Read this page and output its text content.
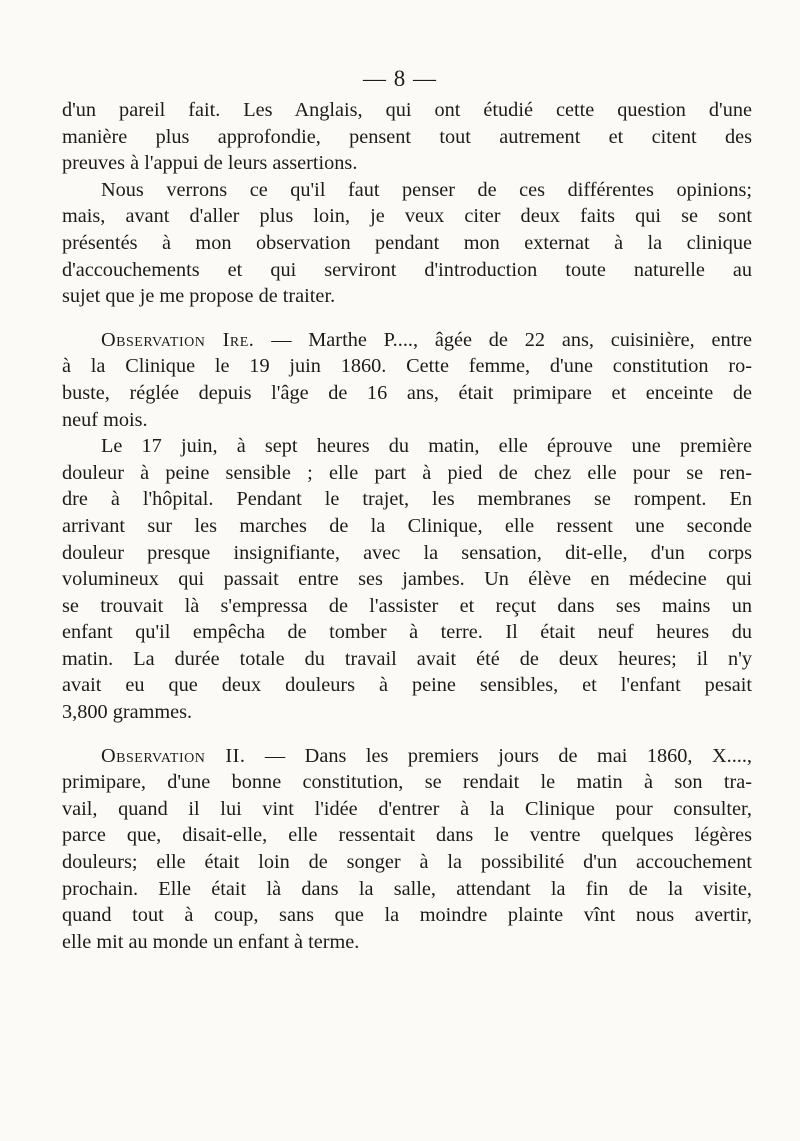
— 8 —
d'un pareil fait. Les Anglais, qui ont étudié cette question d'une
manière plus approfondie, pensent tout autrement et citent des
preuves à l'appui de leurs assertions.
Nous verrons ce qu'il faut penser de ces différentes opinions;
mais, avant d'aller plus loin, je veux citer deux faits qui se sont
présentés à mon observation pendant mon externat à la clinique
d'accouchements et qui serviront d'introduction toute naturelle au
sujet que je me propose de traiter.
Observation Ire. — Marthe P...., âgée de 22 ans, cuisinière, entre
à la Clinique le 19 juin 1860. Cette femme, d'une constitution ro-
buste, réglée depuis l'âge de 16 ans, était primipare et enceinte de
neuf mois.
Le 17 juin, à sept heures du matin, elle éprouve une première
douleur à peine sensible ; elle part à pied de chez elle pour se ren-
dre à l'hôpital. Pendant le trajet, les membranes se rompent. En
arrivant sur les marches de la Clinique, elle ressent une seconde
douleur presque insignifiante, avec la sensation, dit-elle, d'un corps
volumineux qui passait entre ses jambes. Un élève en médecine qui
se trouvait là s'empressa de l'assister et reçut dans ses mains un
enfant qu'il empêcha de tomber à terre. Il était neuf heures du
matin. La durée totale du travail avait été de deux heures; il n'y
avait eu que deux douleurs à peine sensibles, et l'enfant pesait
3,800 grammes.
Observation II. — Dans les premiers jours de mai 1860, X....,
primipare, d'une bonne constitution, se rendait le matin à son tra-
vail, quand il lui vint l'idée d'entrer à la Clinique pour consulter,
parce que, disait-elle, elle ressentait dans le ventre quelques légères
douleurs; elle était loin de songer à la possibilité d'un accouchement
prochain. Elle était là dans la salle, attendant la fin de la visite,
quand tout à coup, sans que la moindre plainte vînt nous avertir,
elle mit au monde un enfant à terme.
